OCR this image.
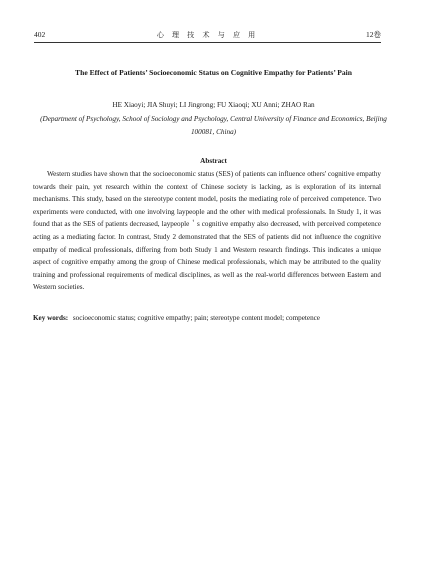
402	心 理 技 术 与 应 用	12卷
The Effect of Patients’ Socioeconomic Status on Cognitive Empathy for Patients’ Pain
HE Xiaoyi; JIA Shuyi; LI Jingrong; FU Xiaoqi; XU Anni; ZHAO Ran
(Department of Psychology, School of Sociology and Psychology, Central University of Finance and Economics, Beijing 100081, China)
Abstract

Western studies have shown that the socioeconomic status (SES) of patients can influence others' cognitive empathy towards their pain, yet research within the context of Chinese society is lacking, as is exploration of its internal mechanisms. This study, based on the stereotype content model, posits the mediating role of perceived competence. Two experiments were conducted, with one involving laypeople and the other with medical professionals. In Study 1, it was found that as the SES of patients decreased, laypeople＇s cognitive empathy also decreased, with perceived competence acting as a mediating factor. In contrast, Study 2 demonstrated that the SES of patients did not influence the cognitive empathy of medical professionals, differing from both Study 1 and Western research findings. This indicates a unique aspect of cognitive empathy among the group of Chinese medical professionals, which may be attributed to the quality training and professional requirements of medical disciplines, as well as the real-world differences between Eastern and Western societies.

Key words: socioeconomic status; cognitive empathy; pain; stereotype content model; competence
